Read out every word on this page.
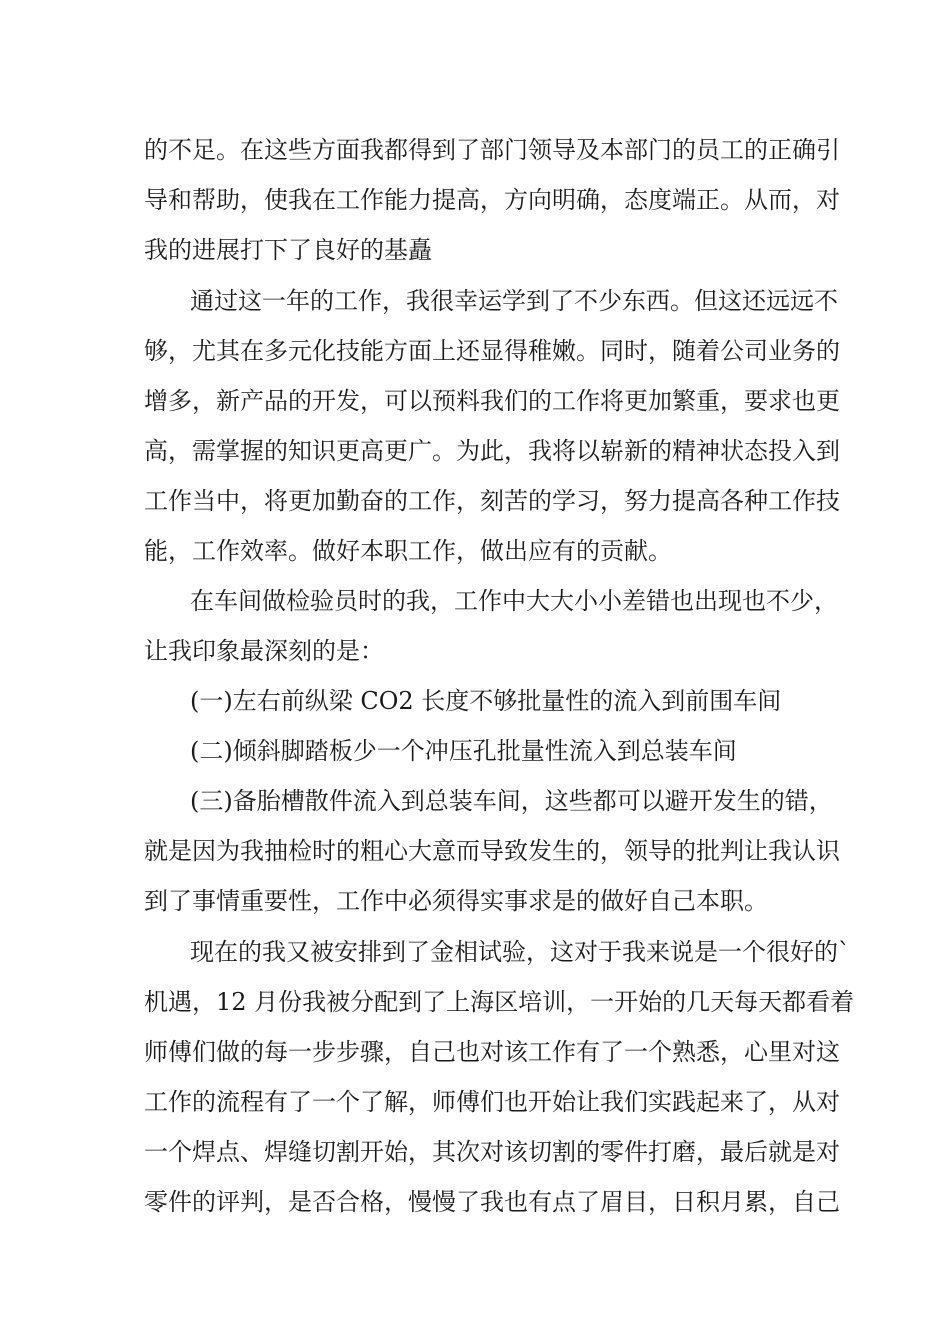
的不足。在这些方面我都得到了部门领导及本部门的员工的正确引
导和帮助，使我在工作能力提高，方向明确，态度端正。从而，对
我的进展打下了良好的基矗
通过这一年的工作，我很幸运学到了不少东西。但这还远远不
够，尤其在多元化技能方面上还显得稚嫩。同时，随着公司业务的
增多，新产品的开发，可以预料我们的工作将更加繁重，要求也更
高，需掌握的知识更高更广。为此，我将以崭新的精神状态投入到
工作当中，将更加勤奋的工作，刻苦的学习，努力提高各种工作技
能，工作效率。做好本职工作，做出应有的贡献。
在车间做检验员时的我，工作中大大小小差错也出现也不少，
让我印象最深刻的是：
(一)左右前纵梁 CO2 长度不够批量性的流入到前围车间
(二)倾斜脚踏板少一个冲压孔批量性流入到总装车间
(三)备胎槽散件流入到总装车间，这些都可以避开发生的错，
就是因为我抽检时的粗心大意而导致发生的，领导的批判让我认识
到了事情重要性，工作中必须得实事求是的做好自己本职。
现在的我又被安排到了金相试验，这对于我来说是一个很好的`
机遇，12 月份我被分配到了上海区培训，一开始的几天每天都看着
师傅们做的每一步步骤，自己也对该工作有了一个熟悉，心里对这
工作的流程有了一个了解，师傅们也开始让我们实践起来了，从对
一个焊点、焊缝切割开始，其次对该切割的零件打磨，最后就是对
零件的评判，是否合格，慢慢了我也有点了眉目，日积月累，自己
